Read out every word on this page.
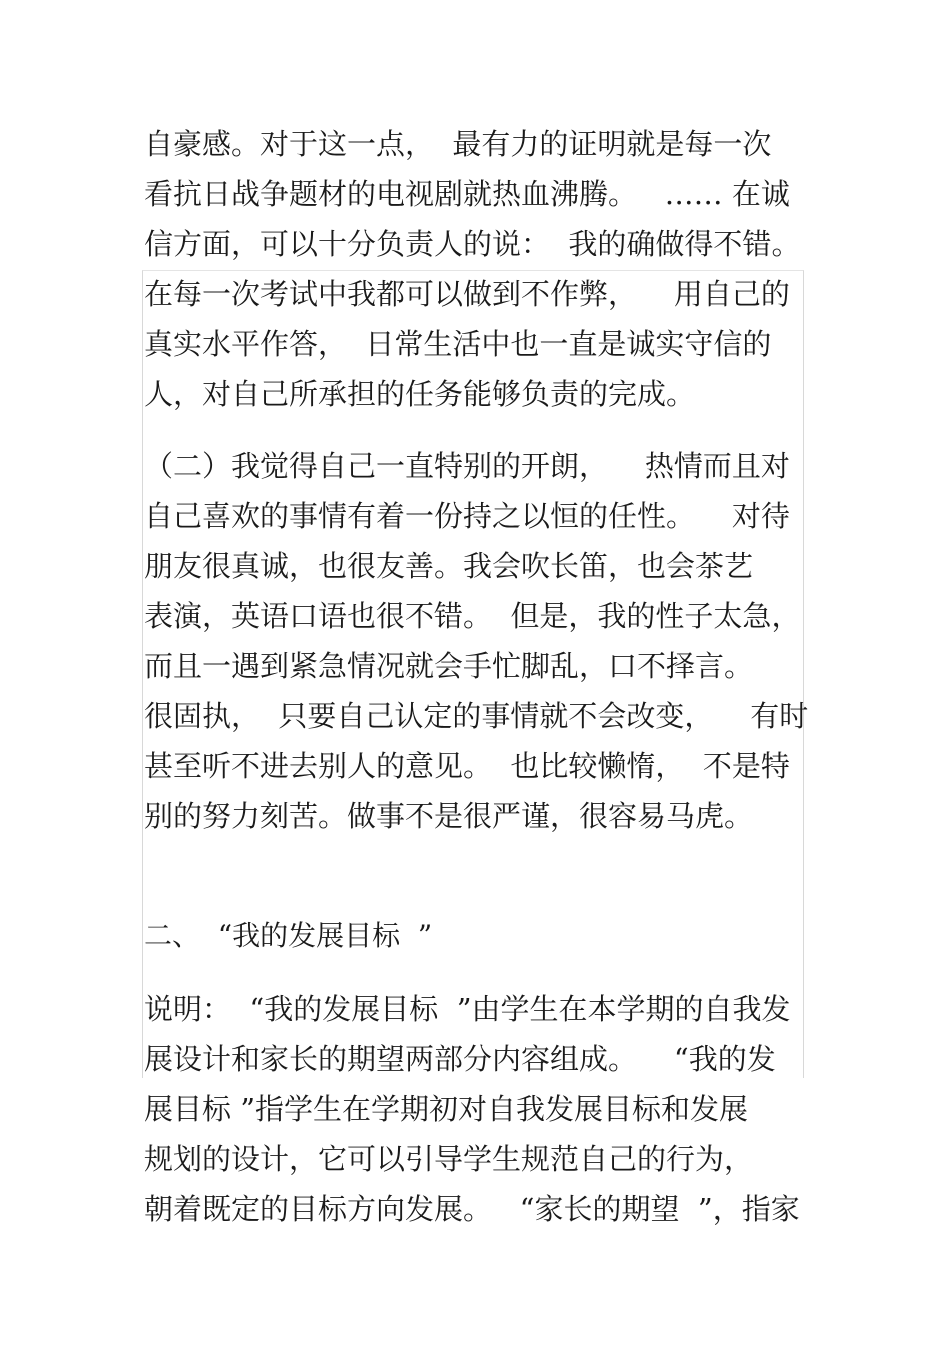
自豪感。对于这一点，  最有力的证明就是每一次
看抗日战争题材的电视剧就热血沸腾。   …… 在诚
信方面，可以十分负责人的说：  我的确做得不错。
在每一次考试中我都可以做到不作弊，    用自己的
真实水平作答，  日常生活中也一直是诚实守信的
人，对自己所承担的任务能够负责的完成。
（二）我觉得自己一直特别的开朗，    热情而且对
自己喜欢的事情有着一份持之以恒的任性。    对待
朋友很真诚，也很友善。我会吹长笛，也会茶艺
表演，英语口语也很不错。  但是，我的性子太急，
而且一遇到紧急情况就会手忙脚乱，口不择言。
很固执，  只要自己认定的事情就不会改变，    有时
甚至听不进去别人的意见。  也比较懒惰，  不是特
别的努力刻苦。做事不是很严谨，很容易马虎。
二、  “我的发展目标  ”
说明：  “我的发展目标  ”由学生在本学期的自我发
展设计和家长的期望两部分内容组成。    “我的发
展目标 ”指学生在学期初对自我发展目标和发展
规划的设计，它可以引导学生规范自己的行为，
朝着既定的目标方向发展。   “家长的期望  ”，指家
